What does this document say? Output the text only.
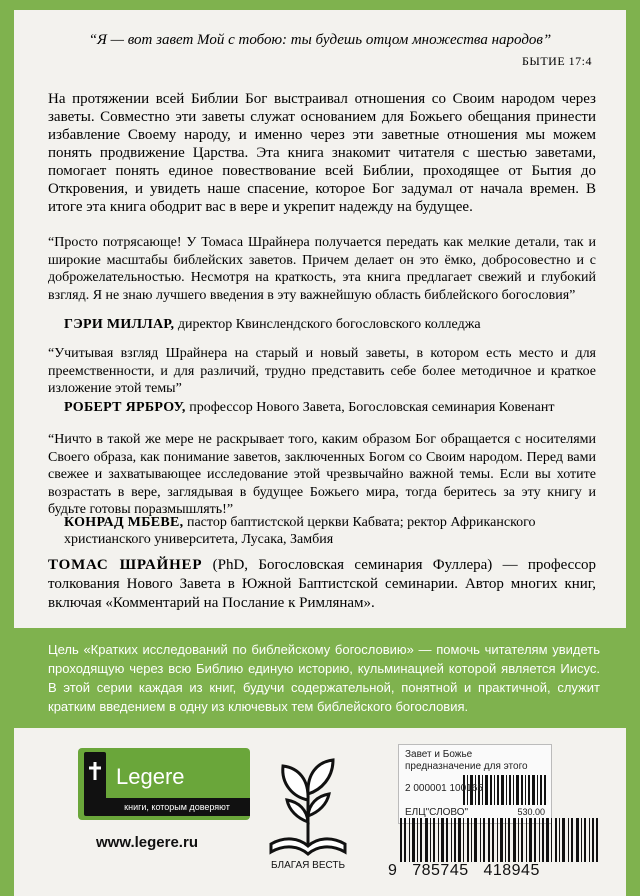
“Я — вот завет Мой с тобою: ты будешь отцом множества народов”
БЫТИЕ 17:4
На протяжении всей Библии Бог выстраивал отношения со Своим народом через заветы. Совместно эти заветы служат основанием для Божьего обещания принести избавление Своему народу, и именно через эти заветные отношения мы можем понять продвижение Царства. Эта книга знакомит читателя с шестью заветами, помогает понять единое повествование всей Библии, проходящее от Бытия до Откровения, и увидеть наше спасение, которое Бог задумал от начала времен. В итоге эта книга ободрит вас в вере и укрепит надежду на будущее.
“Просто потрясающе! У Томаса Шрайнера получается передать как мелкие детали, так и широкие масштабы библейских заветов. Причем делает он это ёмко, добросовестно и с доброжелательностью. Несмотря на краткость, эта книга предлагает свежий и глубокий взгляд. Я не знаю лучшего введения в эту важнейшую область библейского богословия”
ГЭРИ МИЛЛАР, директор Квинслендского богословского колледжа
“Учитывая взгляд Шрайнера на старый и новый заветы, в котором есть место и для преемственности, и для различий, трудно представить себе более методичное и краткое изложение этой темы”
РОБЕРТ ЯРБРОУ, профессор Нового Завета, Богословская семинария Ковенант
“Ничто в такой же мере не раскрывает того, каким образом Бог обращается с носителями Своего образа, как понимание заветов, заключенных Богом со Своим народом. Перед вами свежее и захватывающее исследование этой чрезвычайно важной темы. Если вы хотите возрастать в вере, заглядывая в будущее Божьего мира, тогда беритесь за эту книгу и будьте готовы поразмышлять!”
КОНРАД МБЕВЕ, пастор баптистской церкви Кабвата; ректор Африканского христианского университета, Лусака, Замбия
ТОМАС ШРАЙНЕР (PhD, Богословская семинария Фуллера) — профессор толкования Нового Завета в Южной Баптистской семинарии. Автор многих книг, включая «Комментарий на Послание к Римлянам».
Цель «Кратких исследований по библейскому богословию» — помочь читателям увидеть проходящую через всю Библию единую историю, кульминацией которой является Иисус. В этой серии каждая из книг, будучи содержательной, понятной и практичной, служит кратким введением в одну из ключевых тем библейского богословия.
Legere
книги, которым доверяют
www.legere.ru
БЛАГАЯ ВЕСТЬ
Завет и Божье
предназначение для этого
2 000001 100165
ЕЛЦ"СЛОВО"	530.00
9   785745   418945
